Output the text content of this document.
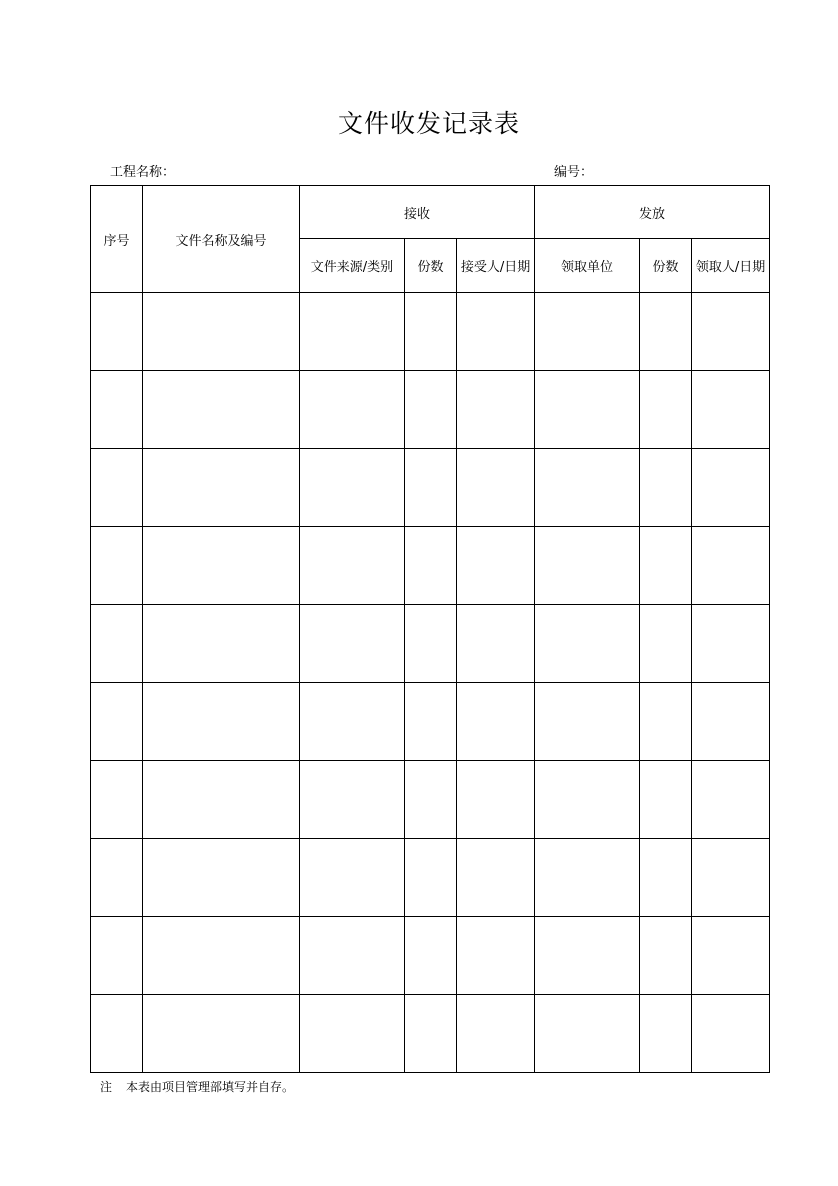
文件收发记录表
工程名称：	编号：
序号	文件名称及编号	接收			发放		
		文件来源/类别	份数	接受人/日期	领取单位	份数	领取人/日期

注 本表由项目管理部填写并自存。
